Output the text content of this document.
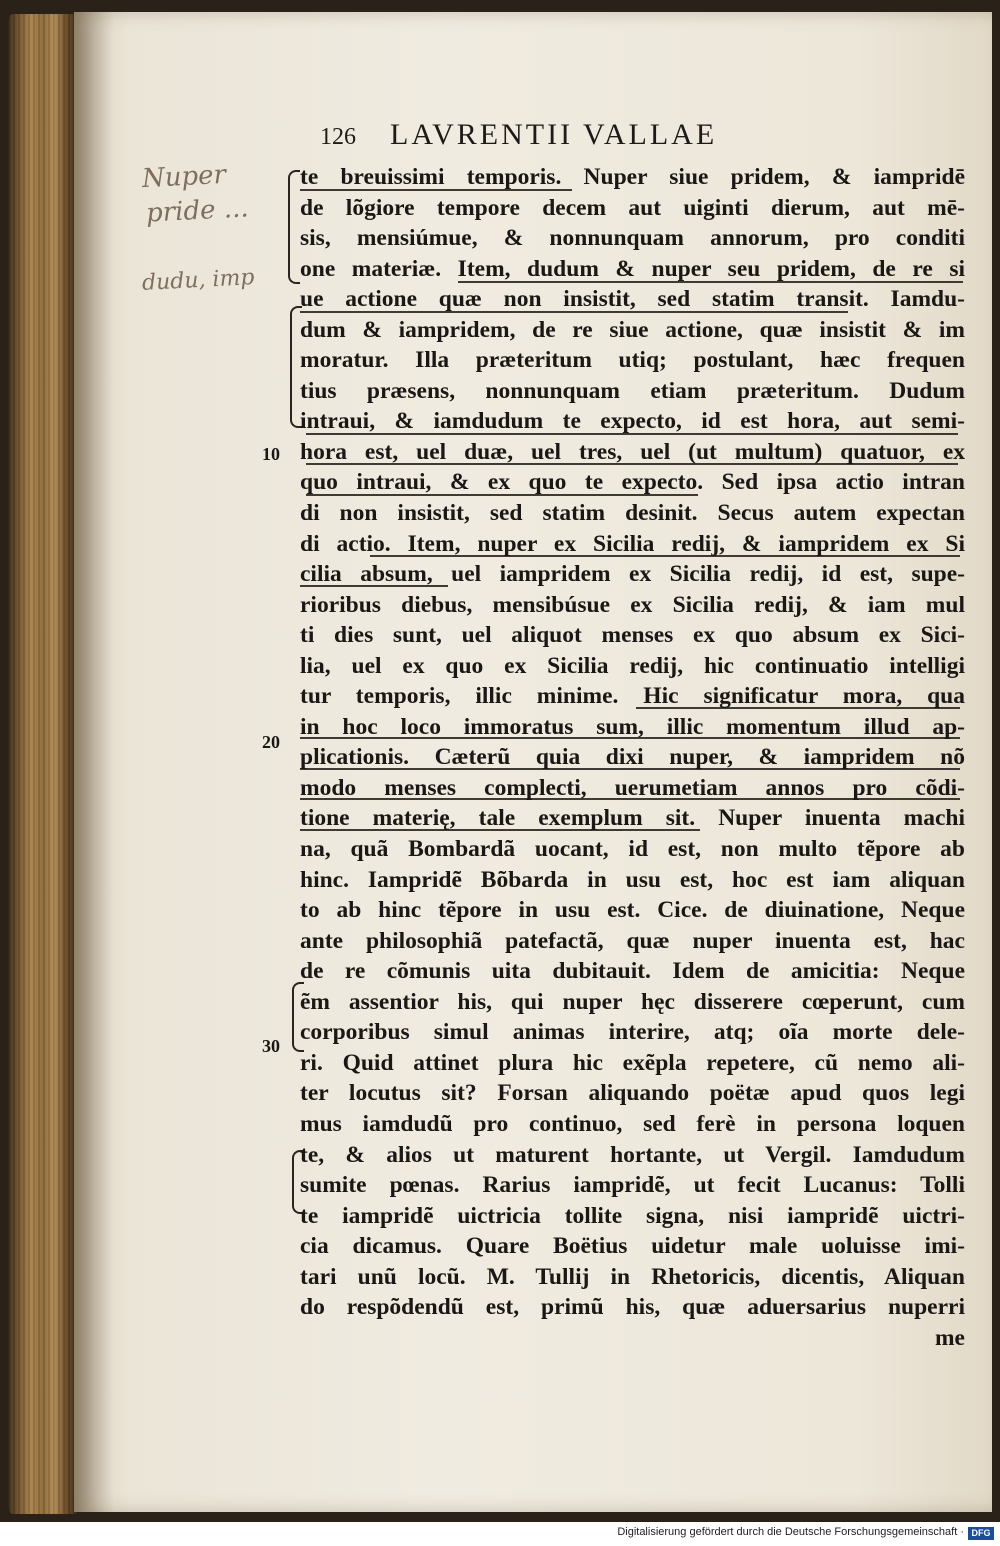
126 LAVRENTII VALLAE
Nuper
pride ...
dudu, imp
10
20
30
te breuissimi temporis. Nuper siue pridem, & iampridē
de lõgiore tempore decem aut uiginti dierum, aut mē-
sis, mensiúmue, & nonnunquam annorum, pro conditi
one materiæ. Item, dudum & nuper seu pridem, de re si
ue actione quæ non insistit, sed statim transit. Iamdu-
dum & iampridem, de re siue actione, quæ insistit & im
moratur. Illa præteritum utiq; postulant, hæc frequen
tius præsens, nonnunquam etiam præteritum. Dudum
intraui, & iamdudum te expecto, id est hora, aut semi-
hora est, uel duæ, uel tres, uel (ut multum) quatuor, ex
quo intraui, & ex quo te expecto. Sed ipsa actio intran
di non insistit, sed statim desinit. Secus autem expectan
di actio. Item, nuper ex Sicilia redij, & iampridem ex Si
cilia absum, uel iampridem ex Sicilia redij, id est, supe-
rioribus diebus, mensibúsue ex Sicilia redij, & iam mul
ti dies sunt, uel aliquot menses ex quo absum ex Sici-
lia, uel ex quo ex Sicilia redij, hic continuatio intelligi
tur temporis, illic minime. Hic significatur mora, qua
in hoc loco immoratus sum, illic momentum illud ap-
plicationis. Cæterũ quia dixi nuper, & iampridem nõ
modo menses complecti, uerumetiam annos pro cõdi-
tione materię, tale exemplum sit. Nuper inuenta machi
na, quã Bombardã uocant, id est, non multo tẽpore ab
hinc. Iampridẽ Bõbarda in usu est, hoc est iam aliquan
to ab hinc tẽpore in usu est. Cice. de diuinatione, Neque
ante philosophiã patefactã, quæ nuper inuenta est, hac
de re cõmunis uita dubitauit. Idem de amicitia: Neque
ẽm assentior his, qui nuper hęc disserere cœperunt, cum
corporibus simul animas interire, atq; oĩa morte dele-
ri. Quid attinet plura hic exẽpla repetere, cũ nemo ali-
ter locutus sit? Forsan aliquando poëtæ apud quos legi
mus iamdudũ pro continuo, sed ferè in persona loquen
te, & alios ut maturent hortante, ut Vergil. Iamdudum
sumite pœnas. Rarius iampridẽ, ut fecit Lucanus: Tolli
te iampridẽ uictricia tollite signa, nisi iampridẽ uictri-
cia dicamus. Quare Boëtius uidetur male uoluisse imi-
tari unũ locũ. M. Tullij in Rhetoricis, dicentis, Aliquan
do respõdendũ est, primũ his, quæ aduersarius nuperri
me
Digitalisierung gefördert durch die Deutsche Forschungsgemeinschaft · DFG
